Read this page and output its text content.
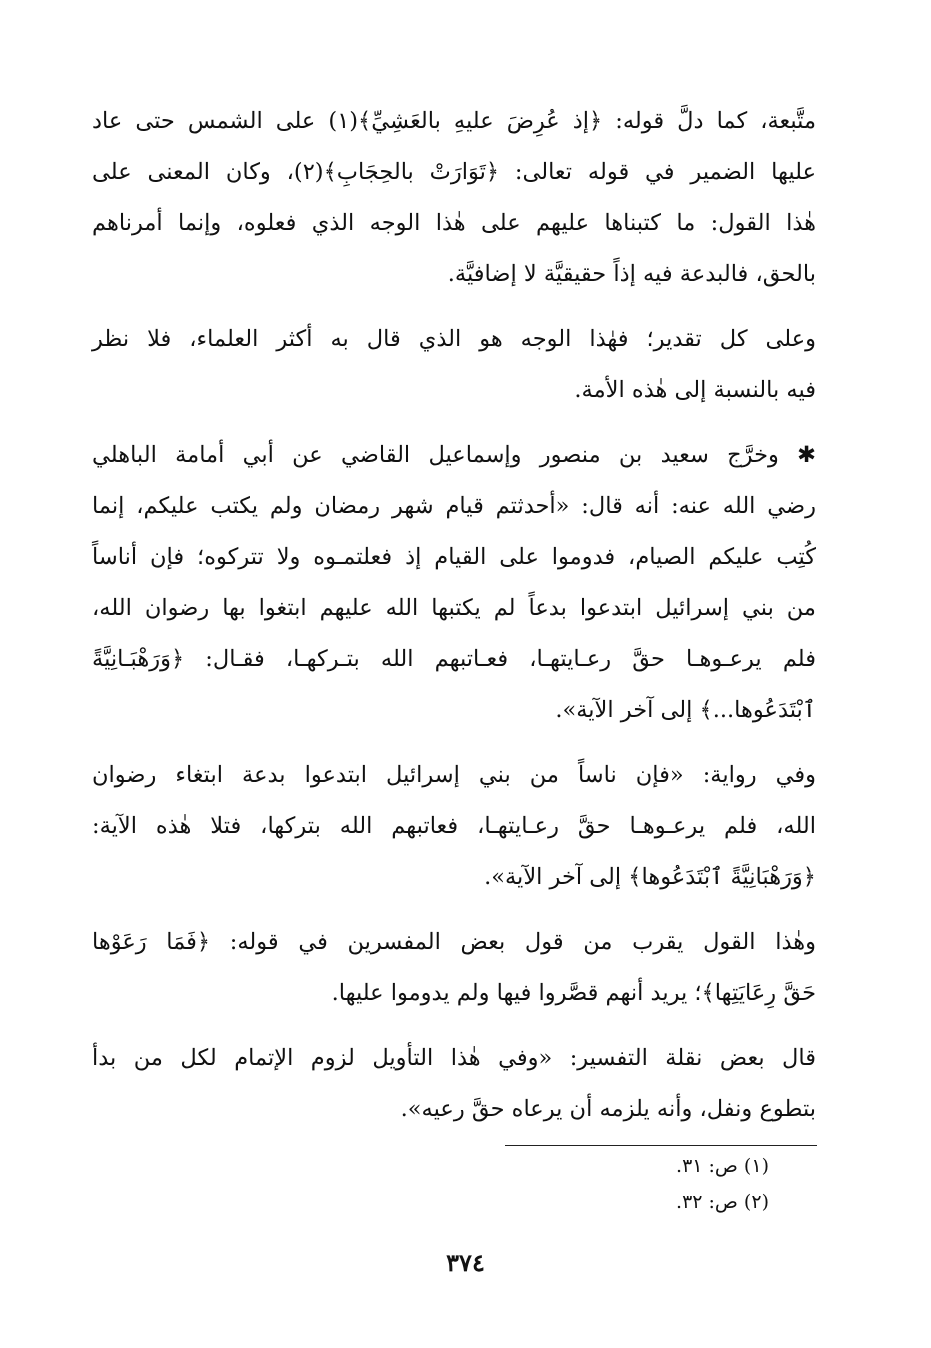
متَّبعة، كما دلَّ قوله: ﴿إذ عُرِضَ عليهِ بالعَشِيِّ﴾(١) على الشمس حتى عاد
عليها الضمير في قوله تعالى: ﴿تَوَارَتْ بالحِجَابِ﴾(٢)، وكان المعنى على
هٰذا القول: ما كتبناها عليهم على هٰذا الوجه الذي فعلوه، وإنما أمرناهم
بالحق، فالبدعة فيه إذاً حقيقيَّة لا إضافيَّة.

وعلى كل تقدير؛ فهٰذا الوجه هو الذي قال به أكثر العلماء، فلا نظر
فيه بالنسبة إلى هٰذه الأمة.

✱ وخرَّج سعيد بن منصور وإسماعيل القاضي عن أبي أمامة الباهلي
رضي الله عنه: أنه قال: «أحدثتم قيام شهر رمضان ولم يكتب عليكم، إنما
كُتِب عليكم الصيام، فدوموا على القيام إذ فعلتمـوه ولا تتركوه؛ فإن أناساً
من بني إسرائيل ابتدعوا بدعاً لم يكتبها الله عليهم ابتغوا بها رضوان الله،
فلم يرعـوهـا حقَّ رعـايتهـا، فعـاتبهم الله بتـركهـا، فقـال: ﴿وَرَهْبَـانِيَّةً
ٱبْتَدَعُوها...﴾ إلى آخر الآية».

وفي رواية: «فإن ناساً من بني إسرائيل ابتدعوا بدعة ابتغاء رضوان
الله، فلم يرعـوهـا حقَّ رعـايتهـا، فعاتبهم الله بتركها، فتلا هٰذه الآية:
﴿وَرَهْبَانِيَّةً ٱبْتَدَعُوها﴾ إلى آخر الآية».

وهٰذا القول يقرب من قول بعض المفسرين في قوله: ﴿فَمَا رَعَوْها
حَقَّ رِعَايَتِها﴾؛ يريد أنهم قصَّروا فيها ولم يدوموا عليها.

قال بعض نقلة التفسير: «وفي هٰذا التأويل لزوم الإتمام لكل من بدأ
بتطوع ونفل، وأنه يلزمه أن يرعاه حقَّ رعيه».

(١) ص: ٣١.
(٢) ص: ٣٢.
٣٧٤
